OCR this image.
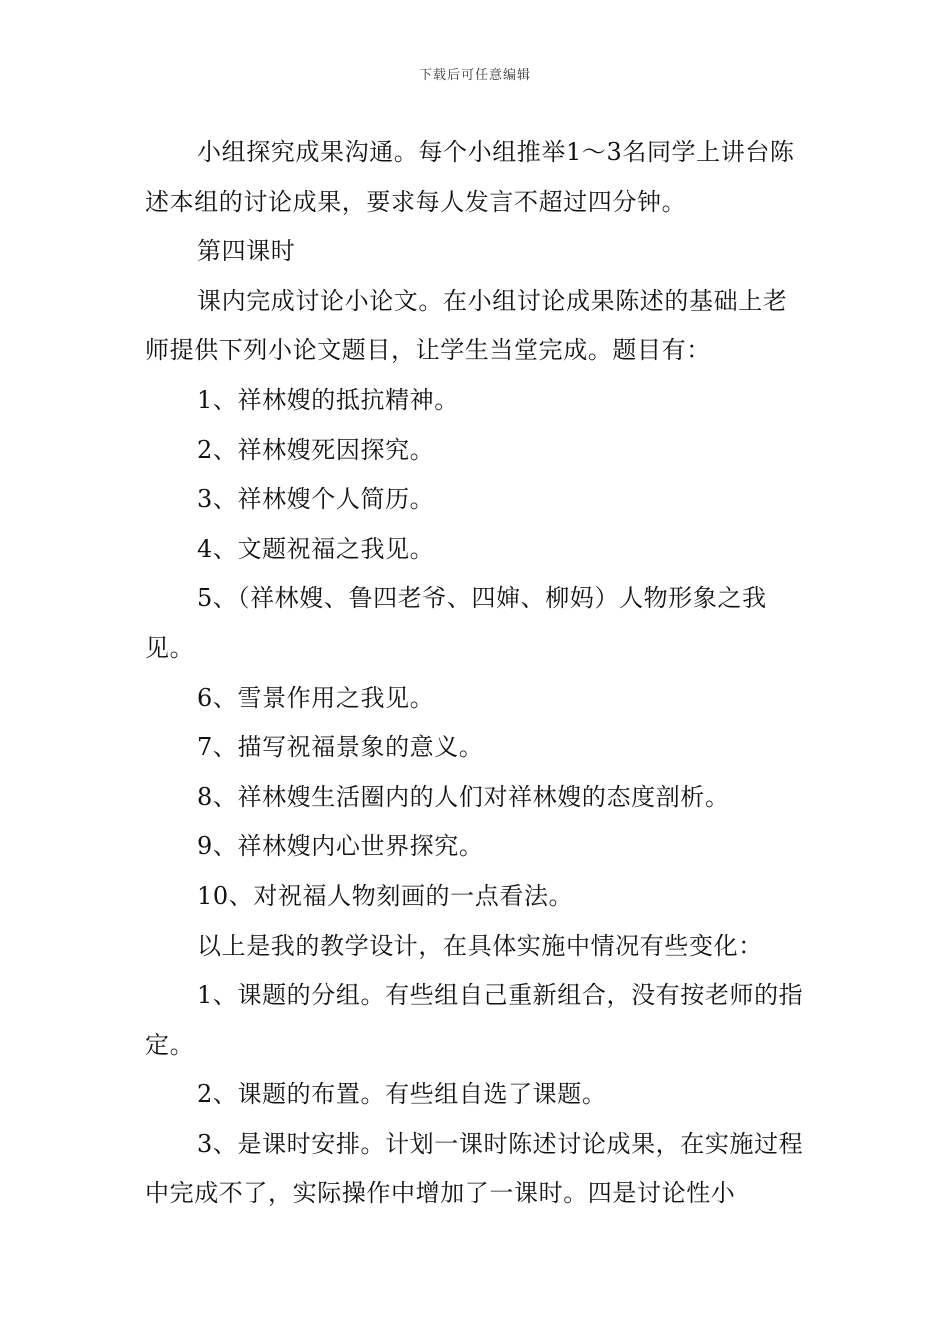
下载后可任意编辑

小组探究成果沟通。每个小组推举1～3名同学上讲台陈述本组的讨论成果，要求每人发言不超过四分钟。

第四课时

课内完成讨论小论文。在小组讨论成果陈述的基础上老师提供下列小论文题目，让学生当堂完成。题目有：

1、祥林嫂的抵抗精神。

2、祥林嫂死因探究。

3、祥林嫂个人简历。

4、文题祝福之我见。

5、（祥林嫂、鲁四老爷、四婶、柳妈）人物形象之我见。

6、雪景作用之我见。

7、描写祝福景象的意义。

8、祥林嫂生活圈内的人们对祥林嫂的态度剖析。

9、祥林嫂内心世界探究。

10、对祝福人物刻画的一点看法。

以上是我的教学设计，在具体实施中情况有些变化：

1、课题的分组。有些组自己重新组合，没有按老师的指定。

2、课题的布置。有些组自选了课题。

3、是课时安排。计划一课时陈述讨论成果，在实施过程中完成不了，实际操作中增加了一课时。四是讨论性小
